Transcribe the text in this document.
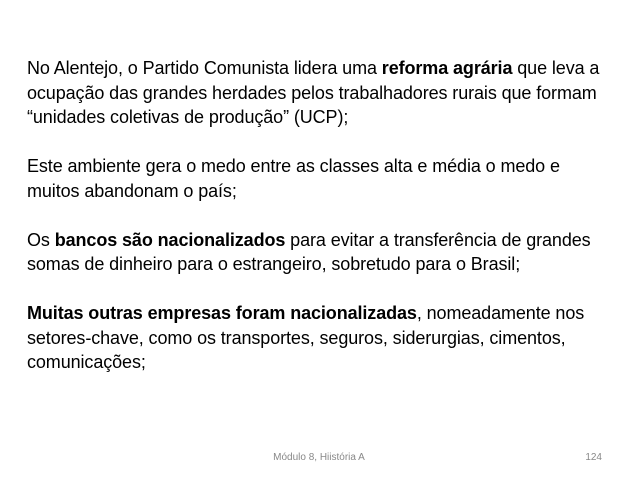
No Alentejo, o Partido Comunista lidera uma reforma agrária que leva a ocupação das grandes herdades pelos trabalhadores rurais que formam “unidades coletivas de produção” (UCP);

Este ambiente gera o medo entre as classes alta e média o medo e muitos abandonam o país;

Os bancos são nacionalizados para evitar a transferência de grandes somas de dinheiro para o estrangeiro, sobretudo para o Brasil;

Muitas outras empresas foram nacionalizadas, nomeadamente nos setores-chave, como os transportes, seguros, siderurgias, cimentos, comunicações;

Módulo 8, Hiistória A	124
